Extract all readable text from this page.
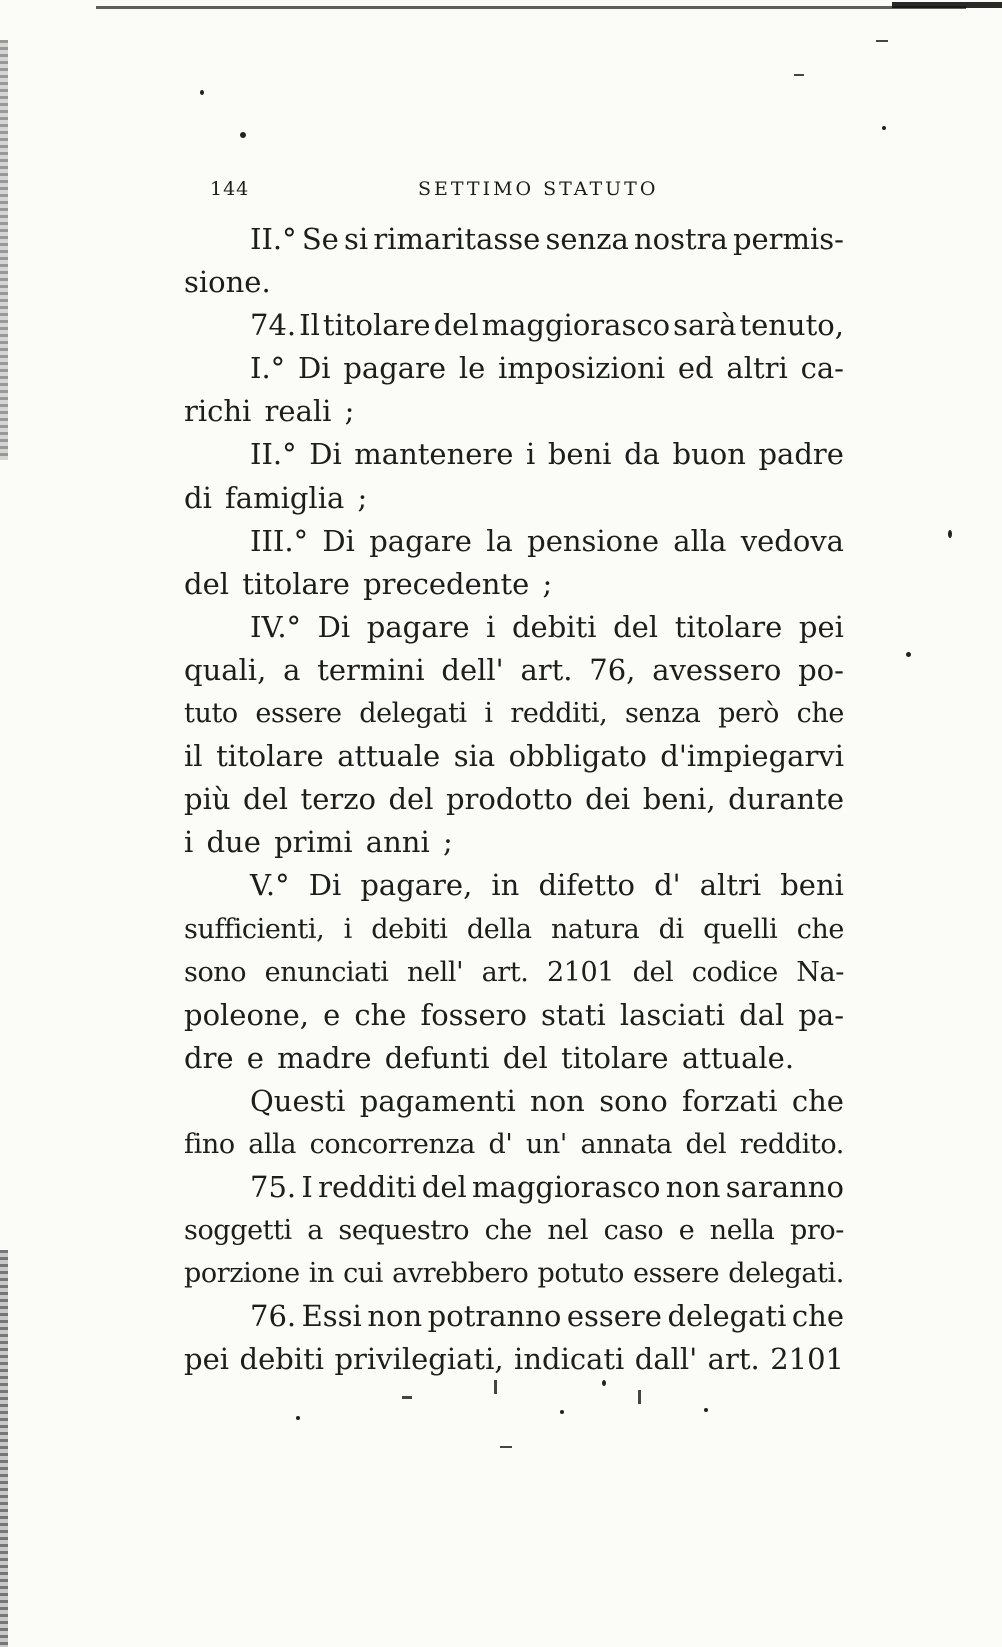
144	SETTIMO STATUTO
II.° Se si rimaritasse senza nostra permis-
sione.
74. Il titolare del maggiorasco sarà tenuto,
I.° Di pagare le imposizioni ed altri ca-
richi reali ;
II.° Di mantenere i beni da buon padre
di famiglia ;
III.° Di pagare la pensione alla vedova
del titolare precedente ;
IV.° Di pagare i debiti del titolare pei
quali, a termini dell' art. 76, avessero po-
tuto essere delegati i redditi, senza però che
il titolare attuale sia obbligato d'impiegarvi
più del terzo del prodotto dei beni, durante
i due primi anni ;
V.° Di pagare, in difetto d' altri beni
sufficienti, i debiti della natura di quelli che
sono enunciati nell' art. 2101 del codice Na-
poleone, e che fossero stati lasciati dal pa-
dre e madre defunti del titolare attuale.
Questi pagamenti non sono forzati che
fino alla concorrenza d' un' annata del reddito.
75. I redditi del maggiorasco non saranno
soggetti a sequestro che nel caso e nella pro-
porzione in cui avrebbero potuto essere delegati.
76. Essi non potranno essere delegati che
pei debiti privilegiati, indicati dall' art. 2101
